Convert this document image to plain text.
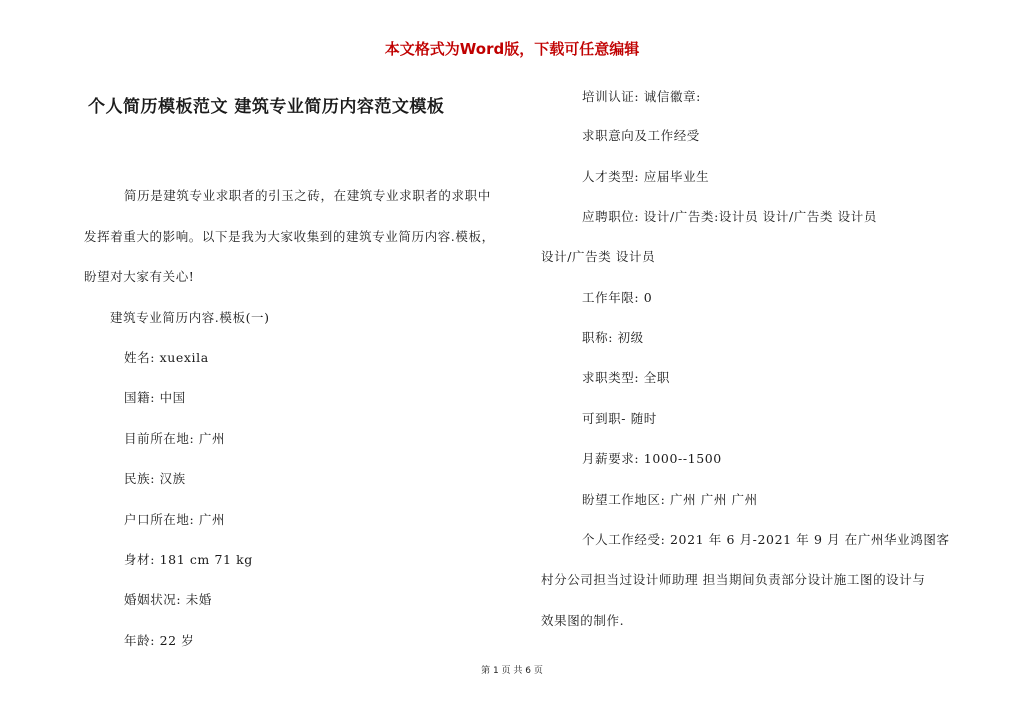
本文格式为Word版，下载可任意编辑
个人简历模板范文 建筑专业简历内容范文模板
简历是建筑专业求职者的引玉之砖，在建筑专业求职者的求职中
发挥着重大的影响。以下是我为大家收集到的建筑专业简历内容.模板，
盼望对大家有关心!
建筑专业简历内容.模板(一)
姓名: xuexila
国籍: 中国
目前所在地: 广州
民族: 汉族
户口所在地: 广州
身材: 181 cm 71 kg
婚姻状况: 未婚
年龄: 22 岁
培训认证: 诚信徽章:
求职意向及工作经受
人才类型: 应届毕业生
应聘职位: 设计/广告类:设计员 设计/广告类 设计员
设计/广告类 设计员
工作年限: 0
职称: 初级
求职类型: 全职
可到职- 随时
月薪要求: 1000--1500
盼望工作地区: 广州 广州 广州
个人工作经受: 2021 年 6 月-2021 年 9 月 在广州华业鸿图客
村分公司担当过设计师助理 担当期间负责部分设计施工图的设计与
效果图的制作.
第 1 页 共 6 页
